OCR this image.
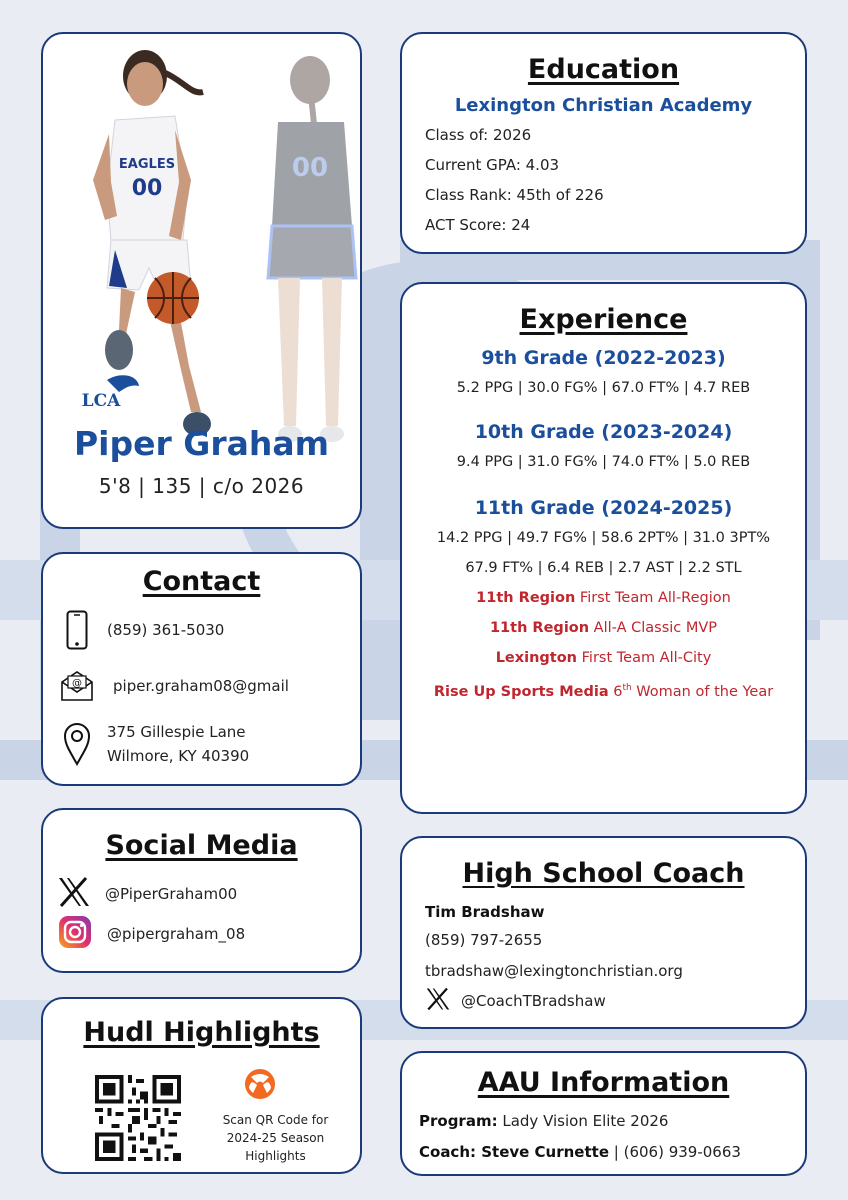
EAGLES
00
00
LCA
Piper Graham
5'8 | 135 | c/o 2026
Contact
(859) 361-5030
@ piper.graham08@gmail
375 Gillespie Lane
Wilmore, KY 40390
Social Media
@PiperGraham00
@pipergraham_08
Hudl Highlights
Scan QR Code for
2024-25 Season
Highlights
Education
Lexington Christian Academy
Class of: 2026
Current GPA: 4.03
Class Rank: 45th of 226
ACT Score: 24
Experience
9th Grade (2022-2023)
5.2 PPG | 30.0 FG% | 67.0 FT% | 4.7 REB
10th Grade (2023-2024)
9.4 PPG | 31.0 FG% | 74.0 FT% | 5.0 REB
11th Grade (2024-2025)
14.2 PPG | 49.7 FG% | 58.6 2PT% | 31.0 3PT%
67.9 FT% | 6.4 REB | 2.7 AST | 2.2 STL
11th Region First Team All-Region
11th Region All-A Classic MVP
Lexington First Team All-City
Rise Up Sports Media 6th Woman of the Year
High School Coach
Tim Bradshaw
(859) 797-2655
tbradshaw@lexingtonchristian.org
@CoachTBradshaw
AAU Information
Program: Lady Vision Elite 2026
Coach: Steve Curnette | (606) 939-0663
